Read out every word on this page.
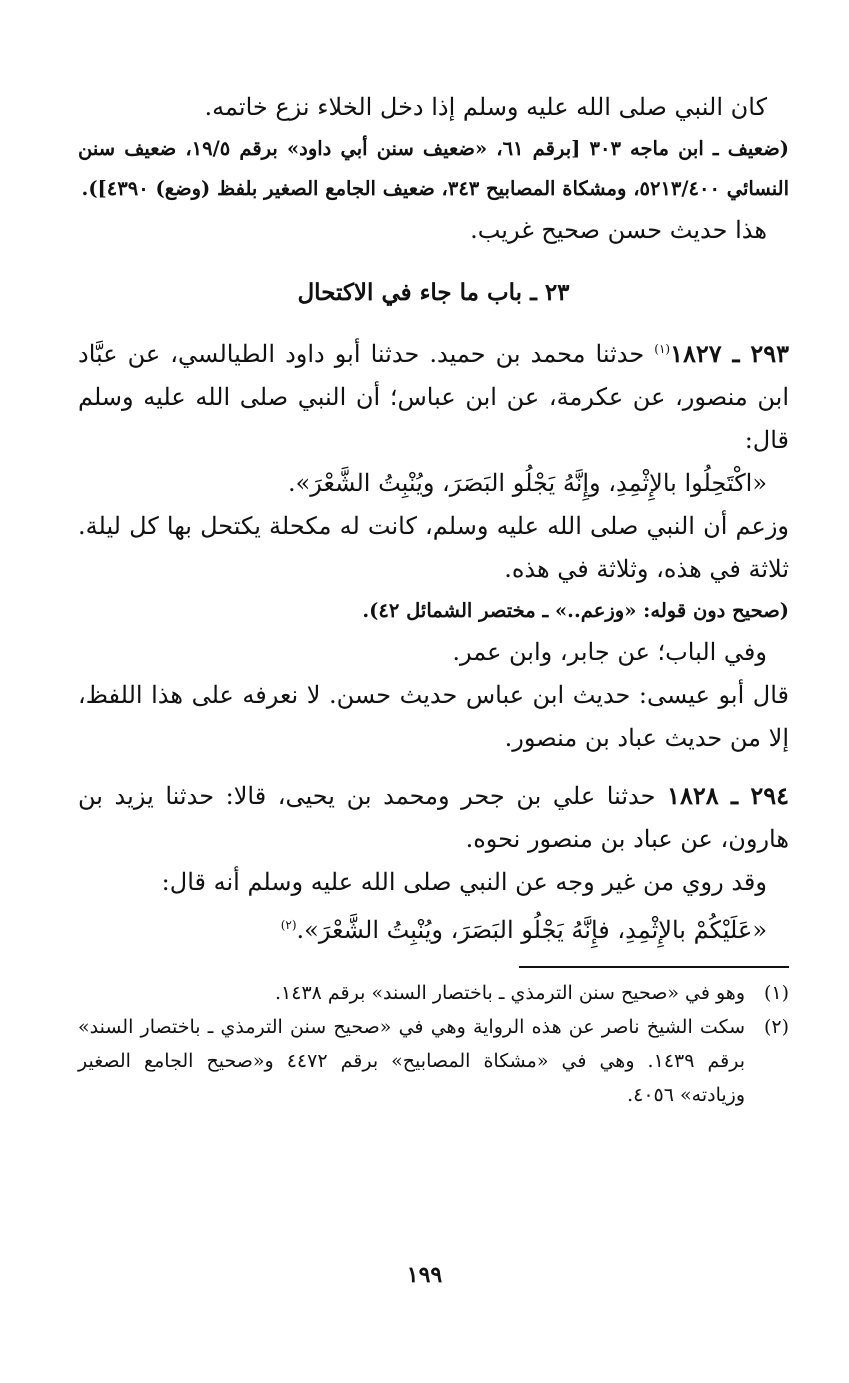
كان النبي صلى الله عليه وسلم إذا دخل الخلاء نزع خاتمه.

(ضعيف ـ ابن ماجه ٣٠٣ [برقم ٦١، «ضعيف سنن أبي داود» برقم ١٩/٥، ضعيف سنن النسائي ٥٢١٣/٤٠٠، ومشكاة المصابيح ٣٤٣، ضعيف الجامع الصغير بلفظ (وضع) ٤٣٩٠]).

هذا حديث حسن صحيح غريب.

٢٣ ـ باب ما جاء في الاكتحال

٢٩٣ ـ ١٨٢٧$^{(١)}$ حدثنا محمد بن حميد. حدثنا أبو داود الطيالسي، عن عبَّاد ابن منصور، عن عكرمة، عن ابن عباس؛ أن النبي صلى الله عليه وسلم قال:

«اكْتَحِلُوا بالإِثْمِدِ، وإِنَّهُ يَجْلُو البَصَرَ، ويُنْبِتُ الشَّعْرَ».

وزعم أن النبي صلى الله عليه وسلم، كانت له مكحلة يكتحل بها كل ليلة. ثلاثة في هذه، وثلاثة في هذه.

(صحيح دون قوله: «وزعم..» ـ مختصر الشمائل ٤٢).

وفي الباب؛ عن جابر، وابن عمر.

قال أبو عيسى: حديث ابن عباس حديث حسن. لا نعرفه على هذا اللفظ، إلا من حديث عباد بن منصور.

٢٩٤ ـ ١٨٢٨ حدثنا علي بن جحر ومحمد بن يحيى، قالا: حدثنا يزيد بن هارون، عن عباد بن منصور نحوه.

وقد روي من غير وجه عن النبي صلى الله عليه وسلم أنه قال:

«عَلَيْكُمْ بالإِثْمِدِ، فإِنَّهُ يَجْلُو البَصَرَ، ويُنْبِتُ الشَّعْرَ».$^{(٢)}$

(١)
وهو في «صحيح سنن الترمذي ـ باختصار السند» برقم ١٤٣٨.
(٢)
سكت الشيخ ناصر عن هذه الرواية وهي في «صحيح سنن الترمذي ـ باختصار السند» برقم ١٤٣٩. وهي في «مشكاة المصابيح» برقم ٤٤٧٢ و«صحيح الجامع الصغير وزيادته» ٤٠٥٦.
١٩٩
